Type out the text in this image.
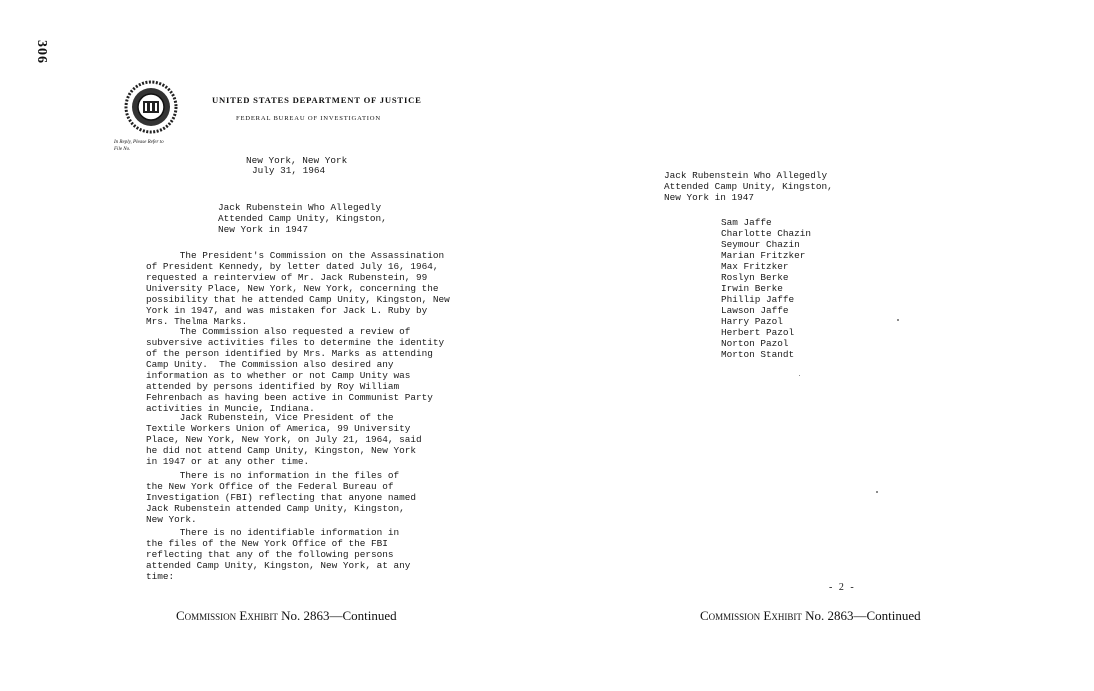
306
UNITED STATES DEPARTMENT OF JUSTICE
FEDERAL BUREAU OF INVESTIGATION
In Reply, Please Refer to
File No.
New York, New York
July 31, 1964
Jack Rubenstein Who Allegedly
Attended Camp Unity, Kingston,
New York in 1947
The President's Commission on the Assassination
of President Kennedy, by letter dated July 16, 1964,
requested a reinterview of Mr. Jack Rubenstein, 99
University Place, New York, New York, concerning the
possibility that he attended Camp Unity, Kingston, New
York in 1947, and was mistaken for Jack L. Ruby by
Mrs. Thelma Marks.
The Commission also requested a review of
subversive activities files to determine the identity
of the person identified by Mrs. Marks as attending
Camp Unity.  The Commission also desired any
information as to whether or not Camp Unity was
attended by persons identified by Roy William
Fehrenbach as having been active in Communist Party
activities in Muncie, Indiana.
Jack Rubenstein, Vice President of the
Textile Workers Union of America, 99 University
Place, New York, New York, on July 21, 1964, said
he did not attend Camp Unity, Kingston, New York
in 1947 or at any other time.
There is no information in the files of
the New York Office of the Federal Bureau of
Investigation (FBI) reflecting that anyone named
Jack Rubenstein attended Camp Unity, Kingston,
New York.
There is no identifiable information in
the files of the New York Office of the FBI
reflecting that any of the following persons
attended Camp Unity, Kingston, New York, at any
time:
Commission Exhibit No. 2863—Continued
Jack Rubenstein Who Allegedly
Attended Camp Unity, Kingston,
New York in 1947
Sam Jaffe
Charlotte Chazin
Seymour Chazin
Marian Fritzker
Max Fritzker
Roslyn Berke
Irwin Berke
Phillip Jaffe
Lawson Jaffe
Harry Pazol
Herbert Pazol
Norton Pazol
Morton Standt
- 2 -
Commission Exhibit No. 2863—Continued
